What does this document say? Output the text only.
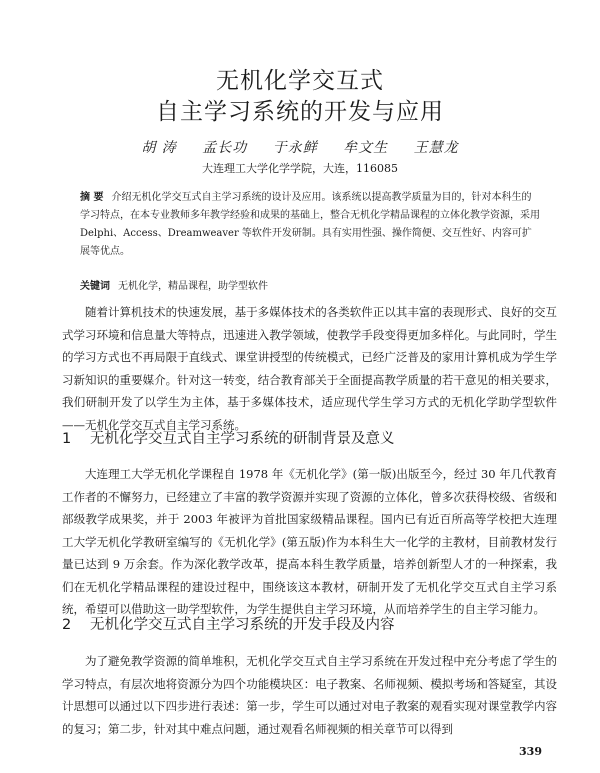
无机化学交互式
自主学习系统的开发与应用
胡 涛 孟长功 于永鲜 牟文生 王慧龙
大连理工大学化学学院，大连，116085
摘 要 介绍无机化学交互式自主学习系统的设计及应用。该系统以提高教学质量为目的，针对本科生的学习特点，在本专业教师多年教学经验和成果的基础上，整合无机化学精品课程的立体化教学资源，采用 Delphi、Access、Dreamweaver 等软件开发研制。具有实用性强、操作简便、交互性好、内容可扩展等优点。
关键词 无机化学，精品课程，助学型软件
随着计算机技术的快速发展，基于多媒体技术的各类软件正以其丰富的表现形式、良好的交互式学习环境和信息量大等特点，迅速进入教学领域，使教学手段变得更加多样化。与此同时，学生的学习方式也不再局限于直线式、课堂讲授型的传统模式，已经广泛普及的家用计算机成为学生学习新知识的重要媒介。针对这一转变，结合教育部关于全面提高教学质量的若干意见的相关要求，我们研制开发了以学生为主体，基于多媒体技术，适应现代学生学习方式的无机化学助学型软件——无机化学交互式自主学习系统。
1 无机化学交互式自主学习系统的研制背景及意义
大连理工大学无机化学课程自 1978 年《无机化学》(第一版)出版至今，经过 30 年几代教育工作者的不懈努力，已经建立了丰富的教学资源并实现了资源的立体化，曾多次获得校级、省级和部级教学成果奖，并于 2003 年被评为首批国家级精品课程。国内已有近百所高等学校把大连理工大学无机化学教研室编写的《无机化学》(第五版)作为本科生大一化学的主教材，目前教材发行量已达到 9 万余套。作为深化教学改革，提高本科生教学质量，培养创新型人才的一种探索，我们在无机化学精品课程的建设过程中，围绕该这本教材，研制开发了无机化学交互式自主学习系统，希望可以借助这一助学型软件，为学生提供自主学习环境，从而培养学生的自主学习能力。
2 无机化学交互式自主学习系统的开发手段及内容
为了避免教学资源的简单堆积，无机化学交互式自主学习系统在开发过程中充分考虑了学生的学习特点，有层次地将资源分为四个功能模块区：电子教案、名师视频、模拟考场和答疑室，其设计思想可以通过以下四步进行表述：第一步，学生可以通过对电子教案的观看实现对课堂教学内容的复习；第二步，针对其中难点问题，通过观看名师视频的相关章节可以得到
339
